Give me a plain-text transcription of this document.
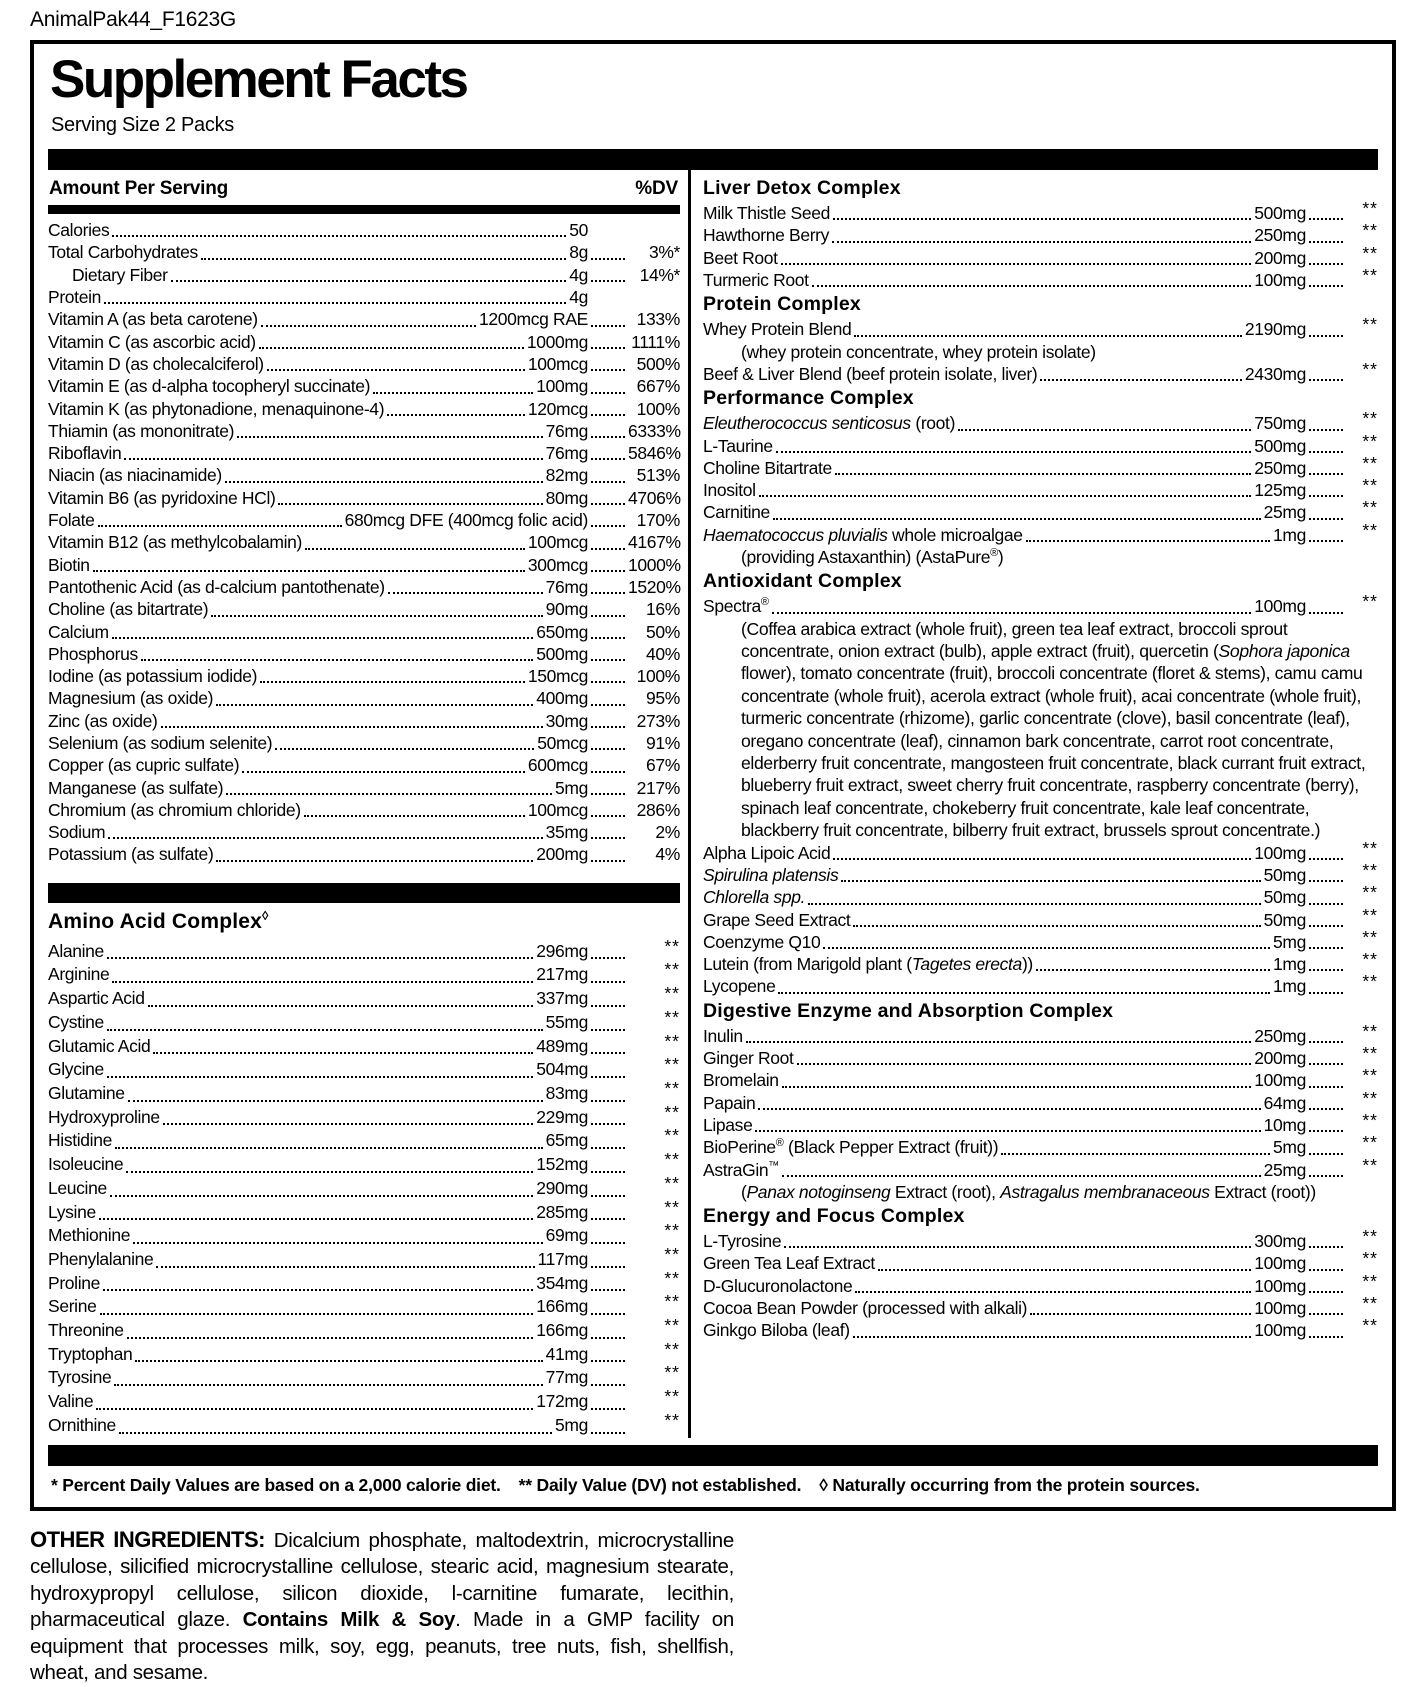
AnimalPak44_F1623G
Supplement Facts
Serving Size 2 Packs
Amount Per Serving	%DV
Calories	50
Total Carbohydrates	8g	3%*
Dietary Fiber	4g	14%*
Protein	4g
Vitamin A (as beta carotene)	1200mcg RAE	133%
Vitamin C (as ascorbic acid)	1000mg 1111%
Vitamin D (as cholecalciferol)	100mcg	500%
Vitamin E (as d-alpha tocopheryl succinate)	100mg	667%
Vitamin K (as phytonadione, menaquinone-4)	120mcg	100%
Thiamin (as mononitrate)	76mg 6333%
Riboflavin	76mg 5846%
Niacin (as niacinamide)	82mg	513%
Vitamin B6 (as pyridoxine HCl)	80mg 4706%
Folate	680mcg DFE (400mcg folic acid)	170%
Vitamin B12 (as methylcobalamin)	100mcg 4167%
Biotin	300mcg 1000%
Pantothenic Acid (as d-calcium pantothenate)	76mg 1520%
Choline (as bitartrate)	90mg	16%
Calcium	650mg	50%
Phosphorus	500mg	40%
Iodine (as potassium iodide)	150mcg	100%
Magnesium (as oxide)	400mg	95%
Zinc (as oxide)	30mg	273%
Selenium (as sodium selenite)	50mcg	91%
Copper (as cupric sulfate)	600mcg	67%
Manganese (as sulfate)	5mg	217%
Chromium (as chromium chloride)	100mcg	286%
Sodium	35mg	2%
Potassium (as sulfate)	200mg	4%
Amino Acid Complex◊
Alanine	296mg	**
Arginine	217mg	**
Aspartic Acid	337mg	**
Cystine	55mg	**
Glutamic Acid	489mg	**
Glycine	504mg	**
Glutamine	83mg	**
Hydroxyproline	229mg	**
Histidine	65mg	**
Isoleucine	152mg	**
Leucine	290mg	**
Lysine	285mg	**
Methionine	69mg	**
Phenylalanine	117mg	**
Proline	354mg	**
Serine	166mg	**
Threonine	166mg	**
Tryptophan	41mg	**
Tyrosine	77mg	**
Valine	172mg	**
Ornithine	5mg	**
Liver Detox Complex
Milk Thistle Seed	500mg	**
Hawthorne Berry	250mg	**
Beet Root	200mg	**
Turmeric Root	100mg	**
Protein Complex
Whey Protein Blend	2190mg	**
(whey protein concentrate, whey protein isolate)
Beef & Liver Blend (beef protein isolate, liver)	2430mg	**
Performance Complex
Eleutherococcus senticosus (root)	750mg	**
L-Taurine	500mg	**
Choline Bitartrate	250mg	**
Inositol	125mg	**
Carnitine	25mg	**
Haematococcus pluvialis whole microalgae	1mg	**
(providing Astaxanthin) (AstaPure®)
Antioxidant Complex
Spectra®	100mg	**
(Coffea arabica extract (whole fruit), green tea leaf extract, broccoli sprout concentrate, onion extract (bulb), apple extract (fruit), quercetin (Sophora japonica flower), tomato concentrate (fruit), broccoli concentrate (floret & stems), camu camu concentrate (whole fruit), acerola extract (whole fruit), acai concentrate (whole fruit), turmeric concentrate (rhizome), garlic concentrate (clove), basil concentrate (leaf), oregano concentrate (leaf), cinnamon bark concentrate, carrot root concentrate, elderberry fruit concentrate, mangosteen fruit concentrate, black currant fruit extract, blueberry fruit extract, sweet cherry fruit concentrate, raspberry concentrate (berry), spinach leaf concentrate, chokeberry fruit concentrate, kale leaf concentrate, blackberry fruit concentrate, bilberry fruit extract, brussels sprout concentrate.)
Alpha Lipoic Acid	100mg	**
Spirulina platensis	50mg	**
Chlorella spp.	50mg	**
Grape Seed Extract	50mg	**
Coenzyme Q10	5mg	**
Lutein (from Marigold plant (Tagetes erecta))	1mg	**
Lycopene	1mg	**
Digestive Enzyme and Absorption Complex
Inulin	250mg	**
Ginger Root	200mg	**
Bromelain	100mg	**
Papain	64mg	**
Lipase	10mg	**
BioPerine® (Black Pepper Extract (fruit))	5mg	**
AstraGin™	25mg	**
(Panax notoginseng Extract (root), Astragalus membranaceous Extract (root))
Energy and Focus Complex
L-Tyrosine	300mg	**
Green Tea Leaf Extract	100mg	**
D-Glucuronolactone	100mg	**
Cocoa Bean Powder (processed with alkali)	100mg	**
Ginkgo Biloba (leaf)	100mg	**
* Percent Daily Values are based on a 2,000 calorie diet. ** Daily Value (DV) not established. ◊ Naturally occurring from the protein sources.
OTHER INGREDIENTS: Dicalcium phosphate, maltodextrin, microcrystalline cellulose, silicified microcrystalline cellulose, stearic acid, magnesium stearate, hydroxypropyl cellulose, silicon dioxide, l-carnitine fumarate, lecithin, pharmaceutical glaze. Contains Milk & Soy. Made in a GMP facility on equipment that processes milk, soy, egg, peanuts, tree nuts, fish, shellfish, wheat, and sesame.
